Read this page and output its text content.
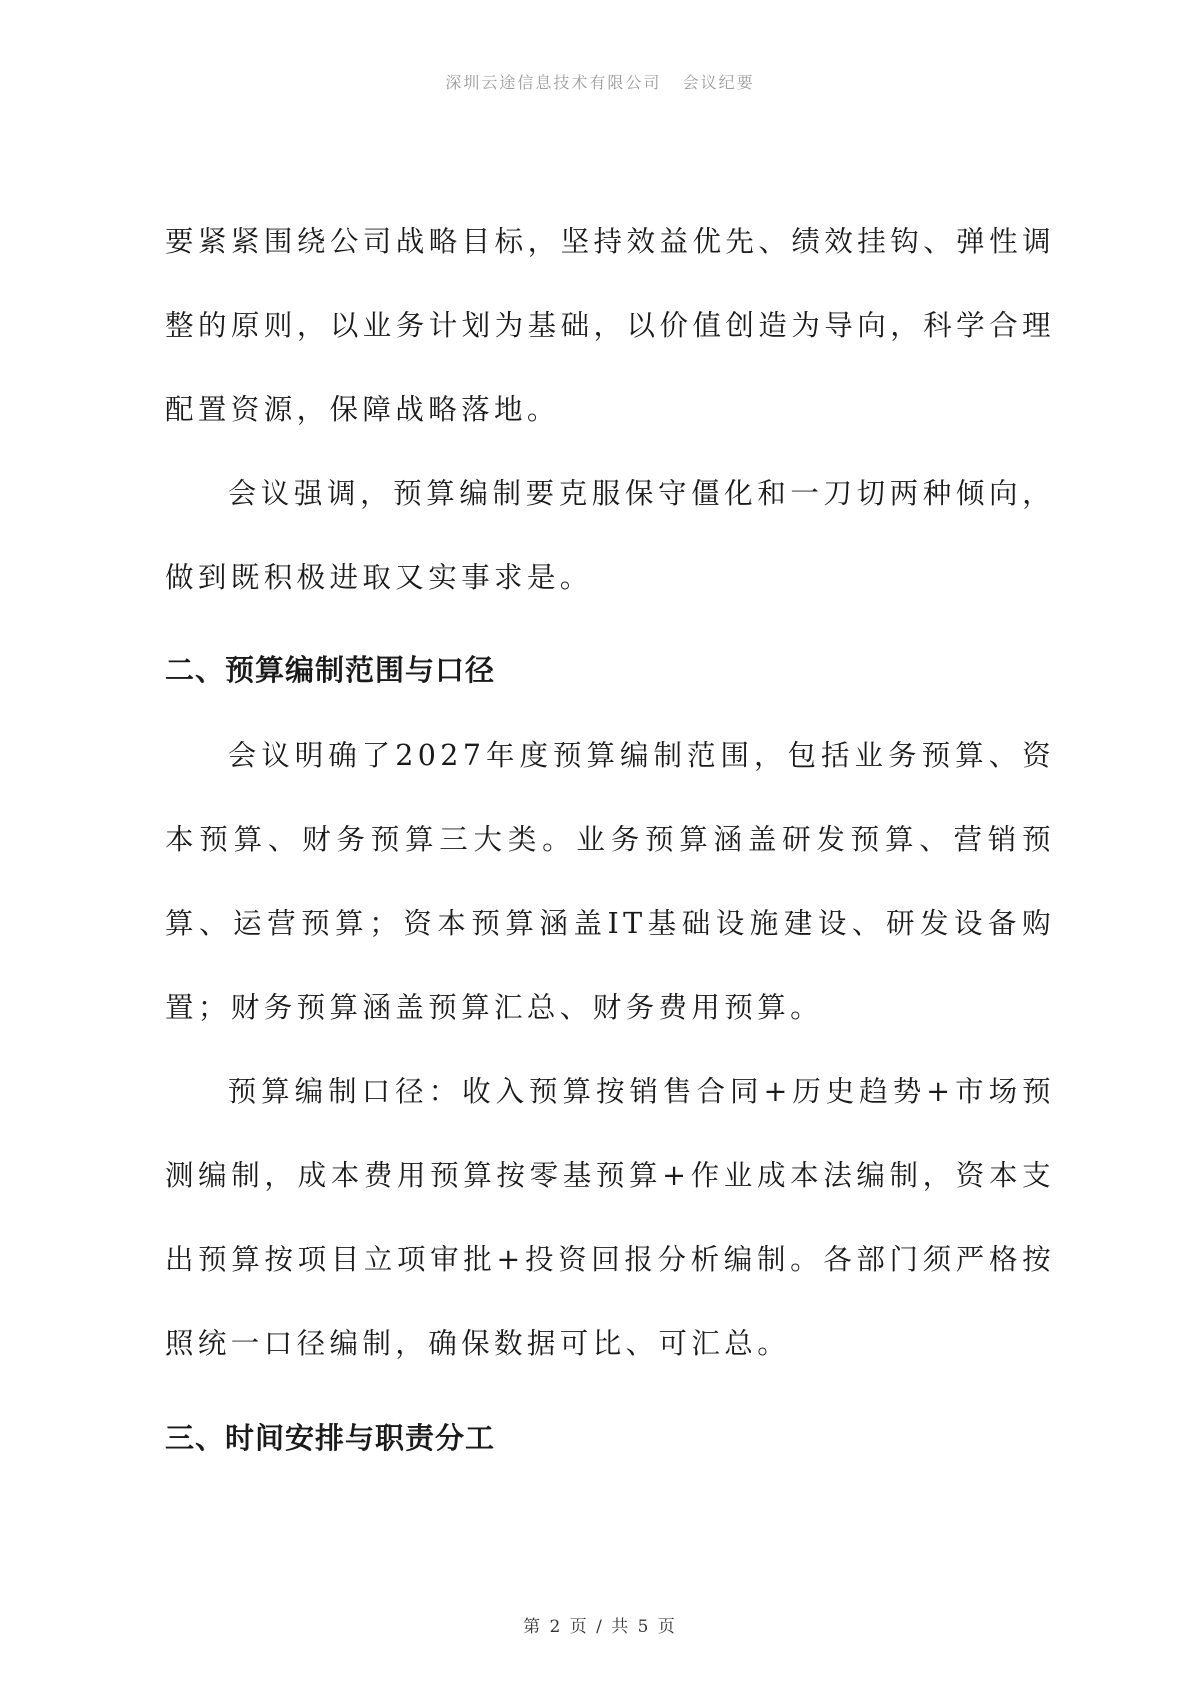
深圳云途信息技术有限公司   会议纪要

要紧紧围绕公司战略目标，坚持效益优先、绩效挂钩、弹性调整的原则，以业务计划为基础，以价值创造为导向，科学合理配置资源，保障战略落地。

会议强调，预算编制要克服保守僵化和一刀切两种倾向，做到既积极进取又实事求是。

二、预算编制范围与口径

会议明确了2027年度预算编制范围，包括业务预算、资本预算、财务预算三大类。业务预算涵盖研发预算、营销预算、运营预算；资本预算涵盖IT基础设施建设、研发设备购置；财务预算涵盖预算汇总、财务费用预算。

预算编制口径：收入预算按销售合同+历史趋势+市场预测编制，成本费用预算按零基预算+作业成本法编制，资本支出预算按项目立项审批+投资回报分析编制。各部门须严格按照统一口径编制，确保数据可比、可汇总。

三、时间安排与职责分工
第 2 页 / 共 5 页
